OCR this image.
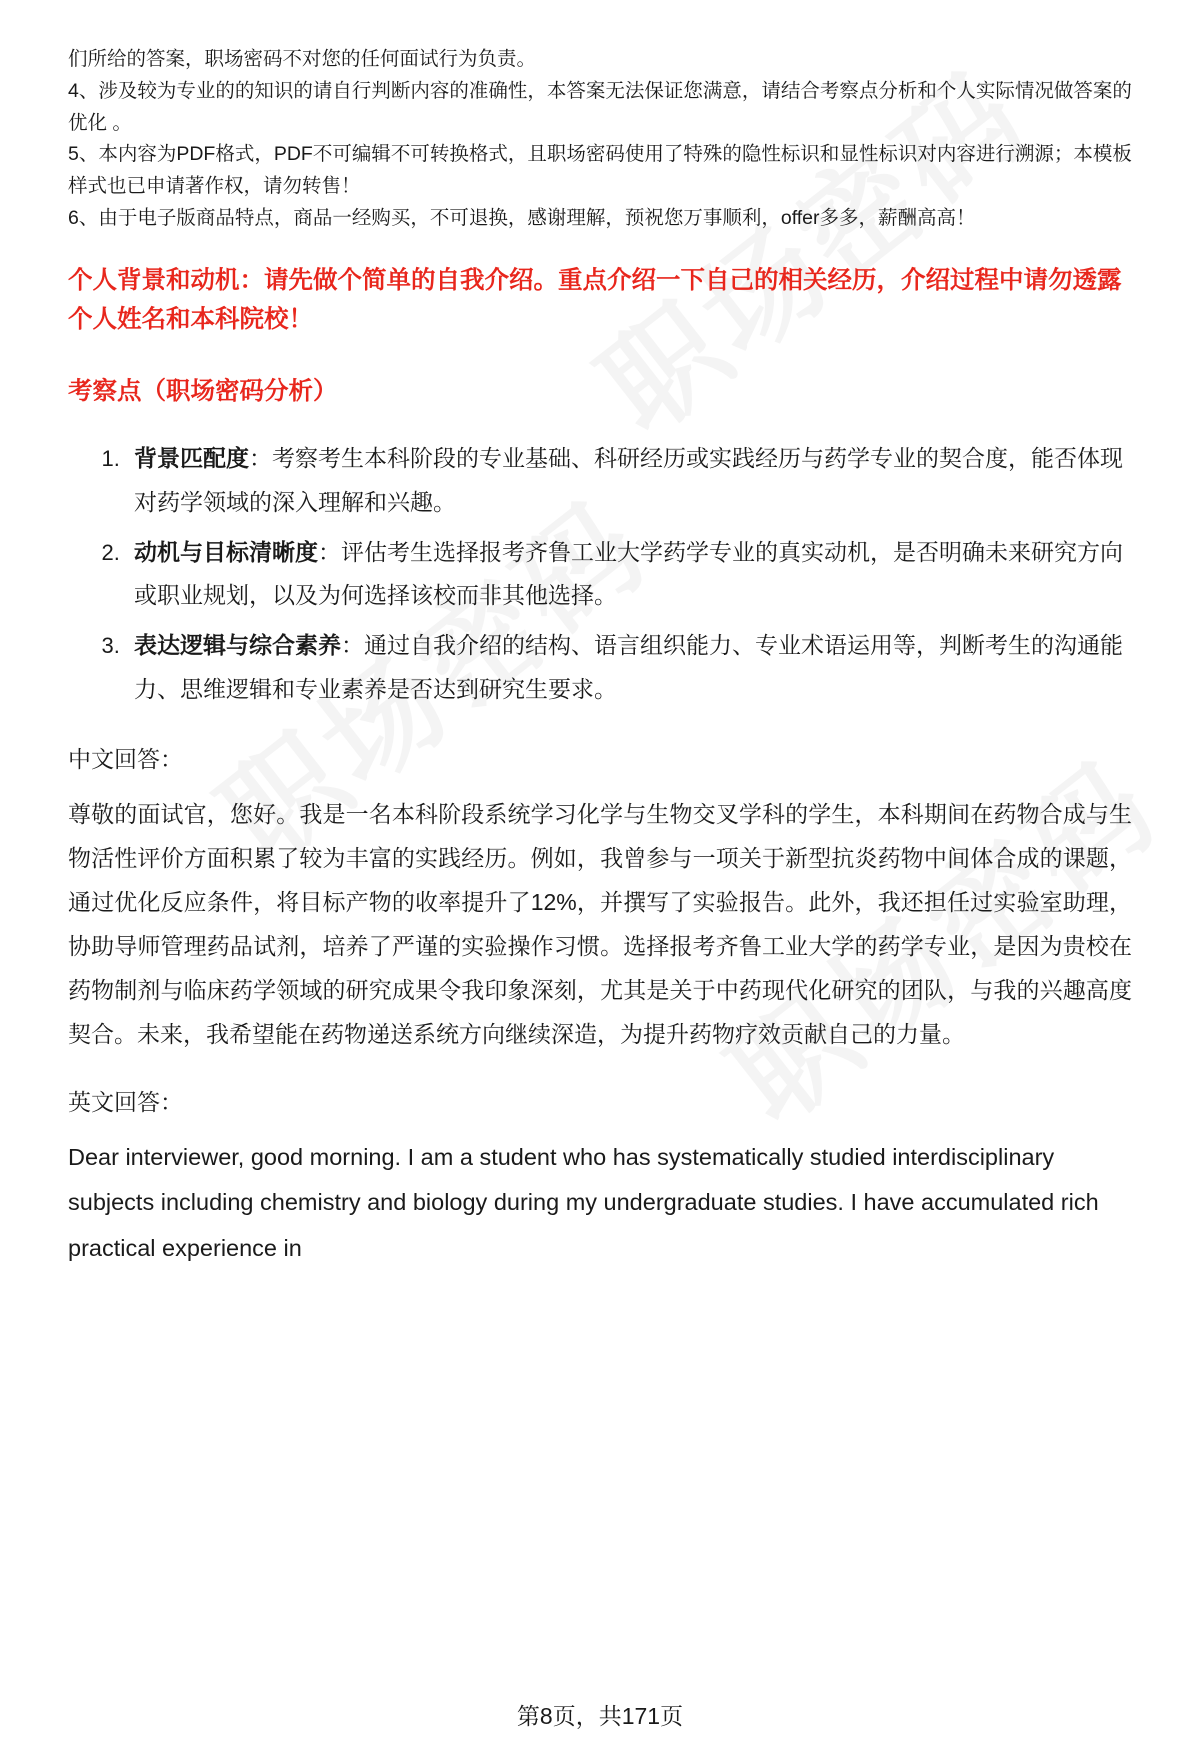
们所给的答案，职场密码不对您的任何面试行为负责。

4、涉及较为专业的的知识的请自行判断内容的准确性，本答案无法保证您满意，请结合考察点分析和个人实际情况做答案的优化 。

5、本内容为PDF格式，PDF不可编辑不可转换格式，且职场密码使用了特殊的隐性标识和显性标识对内容进行溯源；本模板样式也已申请著作权，请勿转售！

6、由于电子版商品特点，商品一经购买，不可退换，感谢理解，预祝您万事顺利，offer多多，薪酬高高！

个人背景和动机：请先做个简单的自我介绍。重点介绍一下自己的相关经历，介绍过程中请勿透露个人姓名和本科院校！
考察点（职场密码分析）
1. 背景匹配度：考察考生本科阶段的专业基础、科研经历或实践经历与药学专业的契合度，能否体现对药学领域的深入理解和兴趣。
2. 动机与目标清晰度：评估考生选择报考齐鲁工业大学药学专业的真实动机，是否明确未来研究方向或职业规划，以及为何选择该校而非其他选择。
3. 表达逻辑与综合素养：通过自我介绍的结构、语言组织能力、专业术语运用等，判断考生的沟通能力、思维逻辑和专业素养是否达到研究生要求。

中文回答：

尊敬的面试官，您好。我是一名本科阶段系统学习化学与生物交叉学科的学生，本科期间在药物合成与生物活性评价方面积累了较为丰富的实践经历。例如，我曾参与一项关于新型抗炎药物中间体合成的课题，通过优化反应条件，将目标产物的收率提升了12%，并撰写了实验报告。此外，我还担任过实验室助理，协助导师管理药品试剂，培养了严谨的实验操作习惯。选择报考齐鲁工业大学的药学专业，是因为贵校在药物制剂与临床药学领域的研究成果令我印象深刻，尤其是关于中药现代化研究的团队，与我的兴趣高度契合。未来，我希望能在药物递送系统方向继续深造，为提升药物疗效贡献自己的力量。

英文回答：

Dear interviewer, good morning. I am a student who has systematically studied interdisciplinary subjects including chemistry and biology during my undergraduate studies. I have accumulated rich practical experience in

第8页，共171页
